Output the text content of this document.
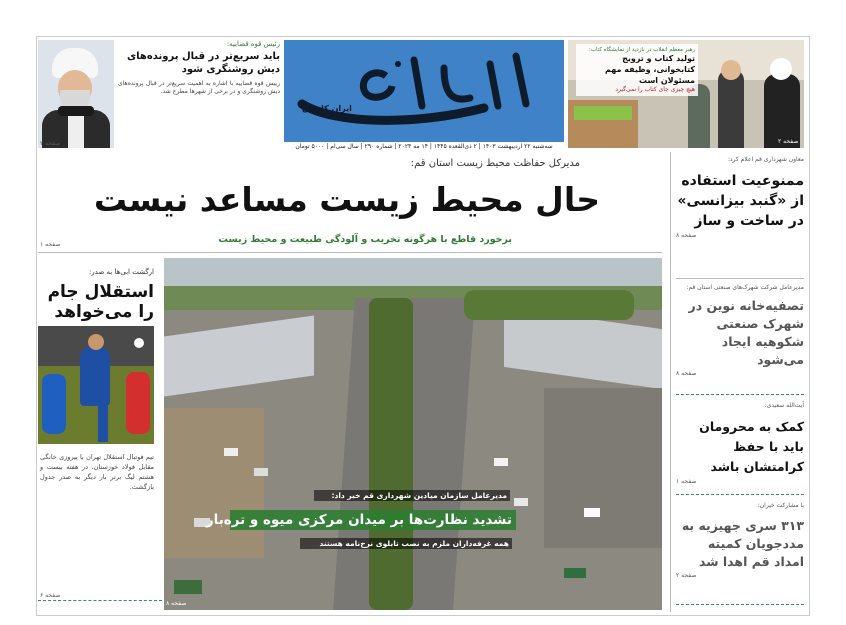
صفحه ۲
رئیس قوه قضاییه:
باید سریع‌تر در قبال پرونده‌های دیش روشنگری شود
رییس قوه قضاییه با اشاره به اهمیت سریع‌تر در قبال پرونده‌های دیش روشنگری و در برخی از شهرها مطرح شد.
ایران کاروان
سه‌شنبه ۲۲ اردیبهشت ۱۴۰۳ | ۲ ذی‌القعده ۱۴۴۵ | ۱۴ مه ۲۰۲۴ | شماره ۲۹۰ | سال سی‌ام | ۵۰۰۰ تومان
رهبر معظم انقلاب در بازدید از نمایشگاه کتاب:
تولید کتاب و ترویج کتابخوانی، وظیفه مهم مسئولان است
هیچ چیزی جای کتاب را نمی‌گیرد
صفحه ۲
مدیرکل حفاظت محیط زیست استان قم:
حال محیط زیست مساعد نیست
برخورد قاطع با هرگونه تخریب و آلودگی طبیعت و محیط زیست
صفحه ۱
ارگشت ابی‌ها به صدر:
استقلال جام را می‌خواهد
تیم فوتبال استقلال تهران با پیروزی خانگی مقابل فولاد خوزستان، در هفته بیست و هشتم لیگ برتر بار دیگر به صدر جدول بازگشت.
صفحه ۶
مدیرعامل سازمان میادین شهرداری قم خبر داد:
تشدید نظارت‌ها بر میدان مرکزی میوه و تره‌بار
همه غرفه‌داران ملزم به نصب تابلوی نرخ‌نامه هستند
صفحه ۸
معاون شهرداری قم اعلام کرد:
ممنوعیت استفاده از «گنبد بیزانسی» در ساخت و ساز
صفحه ۸
مدیرعامل شرکت شهرک‌های صنعتی استان قم:
تصفیه‌خانه نوین در شهرک صنعتی شکوهیه ایجاد می‌شود
صفحه ۸
آیت‌الله سعیدی:
کمک به محرومان باید با حفظ کرامتشان باشد
صفحه ۱
با مشارکت خیران:
۳۱۳ سری جهیزیه به مددجویان کمیته امداد قم اهدا شد
صفحه ۲
